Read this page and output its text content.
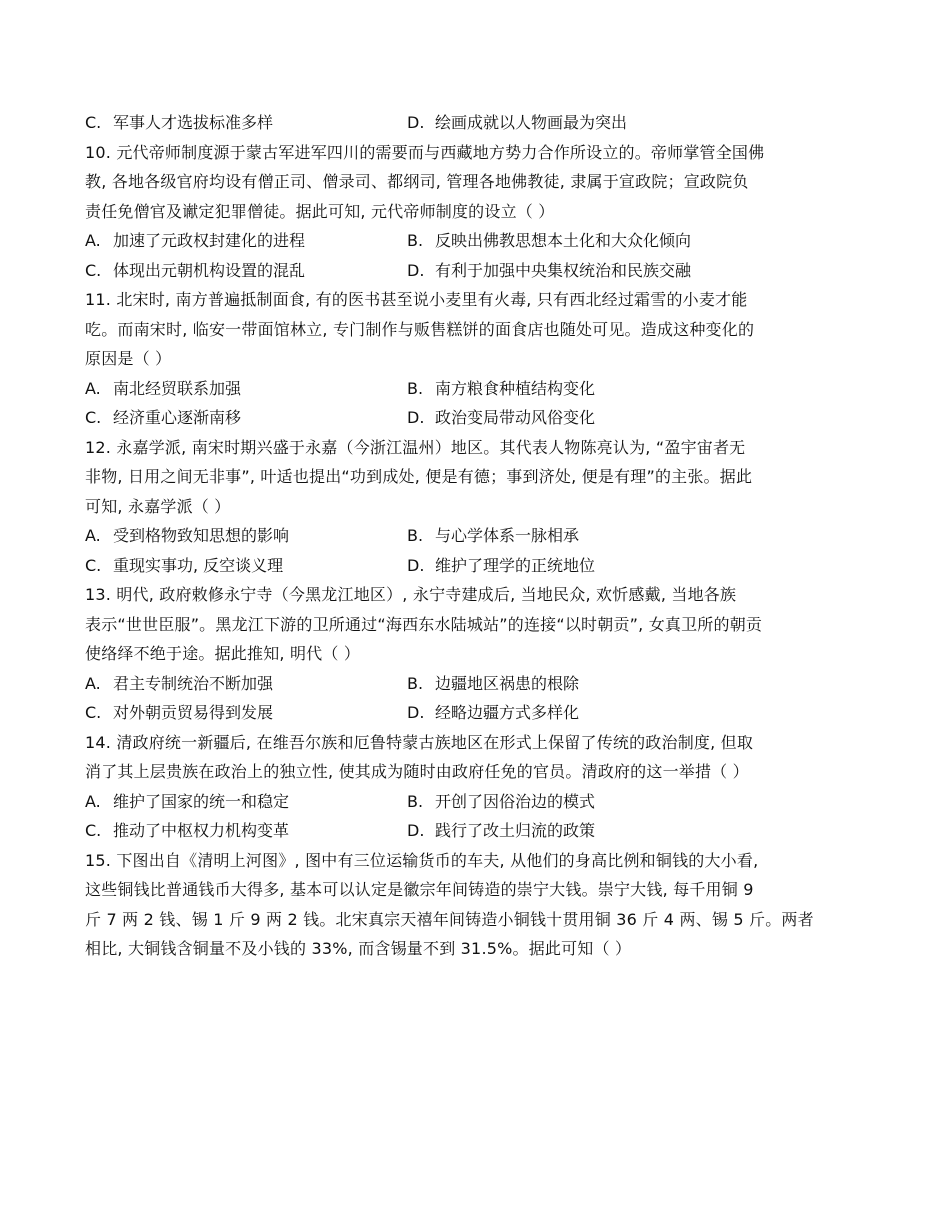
C. 军事人才选拔标准多样	D. 绘画成就以人物画最为突出
10. 元代帝师制度源于蒙古军进军四川的需要而与西藏地方势力合作所设立的。帝师掌管全国佛
教, 各地各级官府均设有僧正司、僧录司、都纲司, 管理各地佛教徒, 隶属于宣政院；宣政院负
责任免僧官及谳定犯罪僧徒。据此可知, 元代帝师制度的设立（ ）
A. 加速了元政权封建化的进程	B. 反映出佛教思想本土化和大众化倾向
C. 体现出元朝机构设置的混乱	D. 有利于加强中央集权统治和民族交融
11. 北宋时, 南方普遍抵制面食, 有的医书甚至说小麦里有火毒, 只有西北经过霜雪的小麦才能
吃。而南宋时, 临安一带面馆林立, 专门制作与贩售糕饼的面食店也随处可见。造成这种变化的
原因是（ ）
A. 南北经贸联系加强	B. 南方粮食种植结构变化
C. 经济重心逐渐南移	D. 政治变局带动风俗变化
12. 永嘉学派, 南宋时期兴盛于永嘉（今浙江温州）地区。其代表人物陈亮认为, “盈宇宙者无
非物, 日用之间无非事”, 叶适也提出“功到成处, 便是有德；事到济处, 便是有理”的主张。据此
可知, 永嘉学派（ ）
A. 受到格物致知思想的影响	B. 与心学体系一脉相承
C. 重现实事功, 反空谈义理	D. 维护了理学的正统地位
13. 明代, 政府敕修永宁寺（今黑龙江地区）, 永宁寺建成后, 当地民众, 欢忻感戴, 当地各族
表示“世世臣服”。黑龙江下游的卫所通过“海西东水陆城站”的连接“以时朝贡”, 女真卫所的朝贡
使络绎不绝于途。据此推知, 明代（ ）
A. 君主专制统治不断加强	B. 边疆地区祸患的根除
C. 对外朝贡贸易得到发展	D. 经略边疆方式多样化
14. 清政府统一新疆后, 在维吾尔族和厄鲁特蒙古族地区在形式上保留了传统的政治制度, 但取
消了其上层贵族在政治上的独立性, 使其成为随时由政府任免的官员。清政府的这一举措（ ）
A. 维护了国家的统一和稳定	B. 开创了因俗治边的模式
C. 推动了中枢权力机构变革	D. 践行了改土归流的政策
15. 下图出自《清明上河图》, 图中有三位运输货币的车夫, 从他们的身高比例和铜钱的大小看,
这些铜钱比普通钱币大得多, 基本可以认定是徽宗年间铸造的崇宁大钱。崇宁大钱, 每千用铜 9
斤 7 两 2 钱、锡 1 斤 9 两 2 钱。北宋真宗天禧年间铸造小铜钱十贯用铜 36 斤 4 两、锡 5 斤。两者
相比, 大铜钱含铜量不及小钱的 33%, 而含锡量不到 31.5%。据此可知（ ）
